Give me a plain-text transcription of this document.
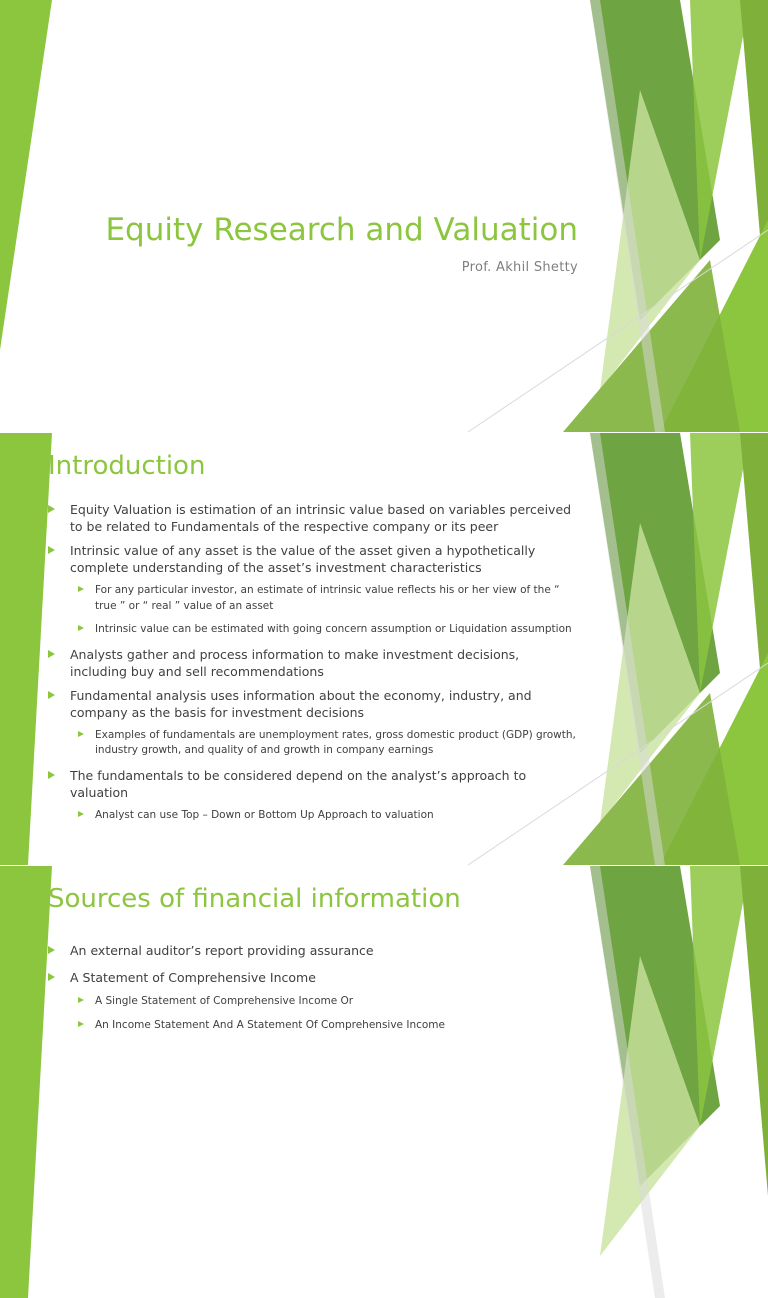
Equity Research and Valuation
Prof. Akhil Shetty
Introduction
Equity Valuation is estimation of an intrinsic value based on variables perceived to be related to Fundamentals of the respective company or its peer
Intrinsic value of any asset is the value of the asset given a hypothetically complete understanding of the asset’s investment characteristics
For any particular investor, an estimate of intrinsic value reflects his or her view of the “ true ” or “ real ” value of an asset
Intrinsic value can be estimated with going concern assumption or Liquidation assumption
Analysts gather and process information to make investment decisions, including buy and sell recommendations
Fundamental analysis uses information about the economy, industry, and company as the basis for investment decisions
Examples of fundamentals are unemployment rates, gross domestic product (GDP) growth, industry growth, and quality of and growth in company earnings
The fundamentals to be considered depend on the analyst’s approach to valuation
Analyst can use Top – Down or Bottom Up Approach to valuation
Sources of financial information
An external auditor’s report providing assurance
A Statement of Comprehensive Income
A Single Statement of Comprehensive Income Or
An Income Statement And A Statement Of Comprehensive Income
